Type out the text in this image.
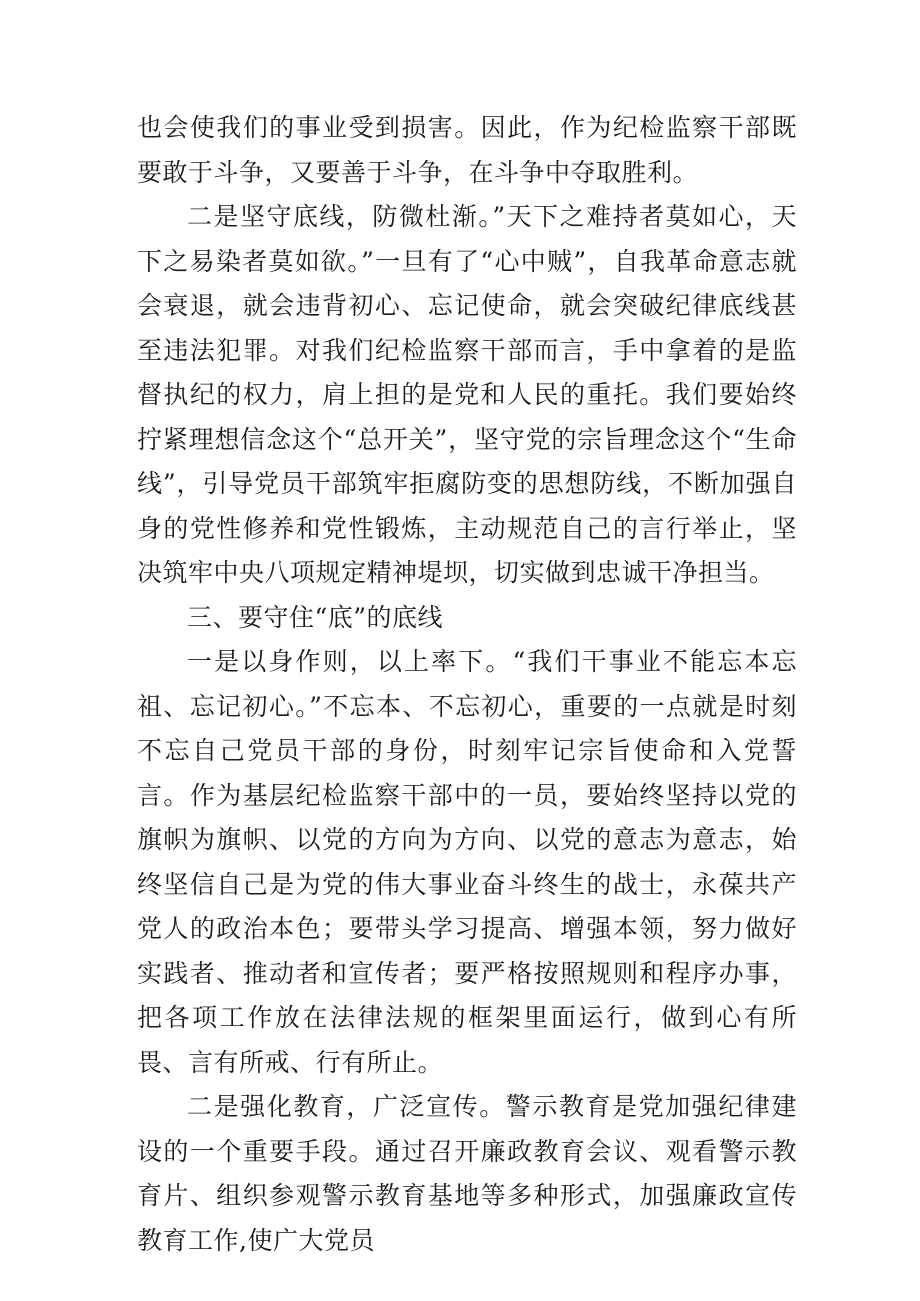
也会使我们的事业受到损害。因此，作为纪检监察干部既要敢于斗争，又要善于斗争，在斗争中夺取胜利。

二是坚守底线，防微杜渐。”天下之难持者莫如心，天下之易染者莫如欲。”一旦有了“心中贼”，自我革命意志就会衰退，就会违背初心、忘记使命，就会突破纪律底线甚至违法犯罪。对我们纪检监察干部而言，手中拿着的是监督执纪的权力，肩上担的是党和人民的重托。我们要始终拧紧理想信念这个“总开关”，坚守党的宗旨理念这个“生命线”，引导党员干部筑牢拒腐防变的思想防线，不断加强自身的党性修养和党性锻炼，主动规范自己的言行举止，坚决筑牢中央八项规定精神堤坝，切实做到忠诚干净担当。

三、要守住“底”的底线

一是以身作则，以上率下。“我们干事业不能忘本忘祖、忘记初心。”不忘本、不忘初心，重要的一点就是时刻不忘自己党员干部的身份，时刻牢记宗旨使命和入党誓言。作为基层纪检监察干部中的一员，要始终坚持以党的旗帜为旗帜、以党的方向为方向、以党的意志为意志，始终坚信自己是为党的伟大事业奋斗终生的战士，永葆共产党人的政治本色；要带头学习提高、增强本领，努力做好实践者、推动者和宣传者；要严格按照规则和程序办事，把各项工作放在法律法规的框架里面运行，做到心有所畏、言有所戒、行有所止。

二是强化教育，广泛宣传。警示教育是党加强纪律建设的一个重要手段。通过召开廉政教育会议、观看警示教育片、组织参观警示教育基地等多种形式，加强廉政宣传教育工作,使广大党员
